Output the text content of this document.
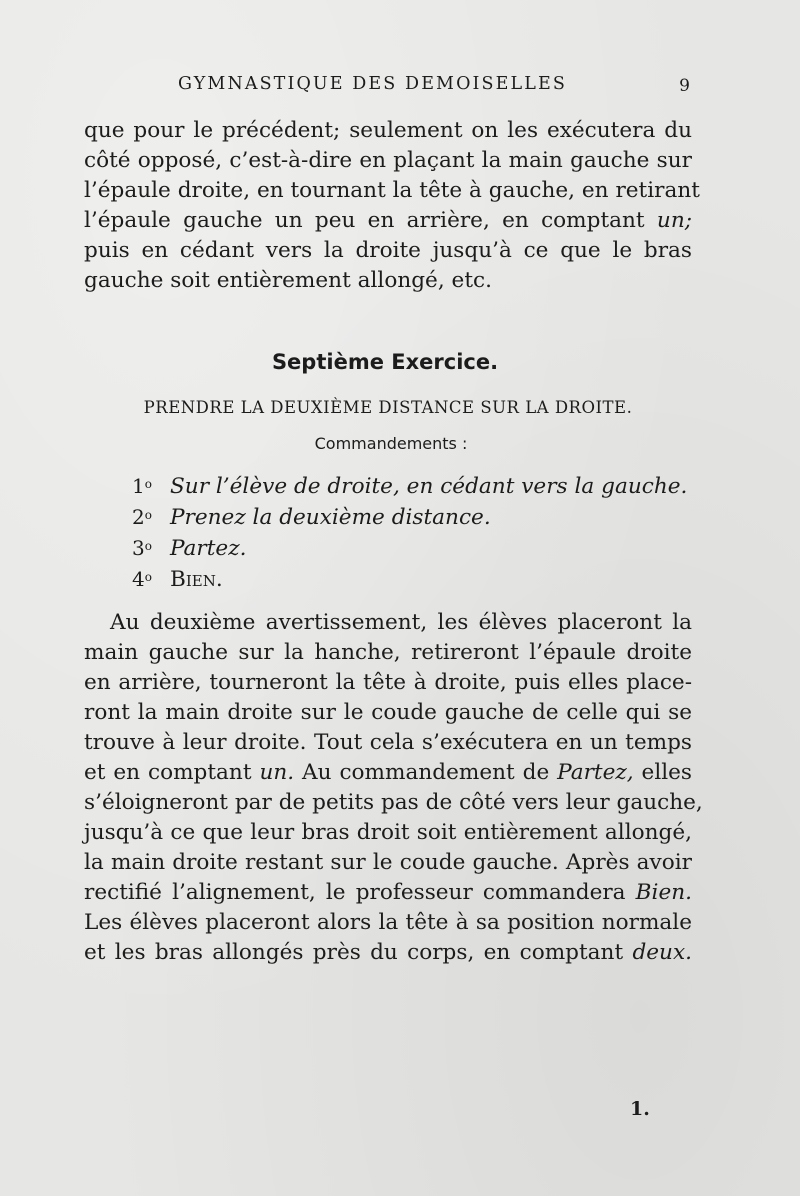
GYMNASTIQUE DES DEMOISELLES	9
que pour le précédent; seulement on les exécutera du
côté opposé, c’est-à-dire en plaçant la main gauche sur
l’épaule droite, en tournant la tête à gauche, en retirant
l’épaule gauche un peu en arrière, en comptant un;
puis en cédant vers la droite jusqu’à ce que le bras
gauche soit entièrement allongé, etc.
Septième Exercice.
PRENDRE LA DEUXIÈME DISTANCE SUR LA DROITE.
Commandements :
1$^o$ Sur l’élève de droite, en cédant vers la gauche.
2$^o$ Prenez la deuxième distance.
3$^o$ Partez.
4$^o$ Bien.
Au deuxième avertissement, les élèves placeront la
main gauche sur la hanche, retireront l’épaule droite
en arrière, tourneront la tête à droite, puis elles place-
ront la main droite sur le coude gauche de celle qui se
trouve à leur droite. Tout cela s’exécutera en un temps
et en comptant un. Au commandement de Partez, elles
s’éloigneront par de petits pas de côté vers leur gauche,
jusqu’à ce que leur bras droit soit entièrement allongé,
la main droite restant sur le coude gauche. Après avoir
rectifié l’alignement, le professeur commandera Bien.
Les élèves placeront alors la tête à sa position normale
et les bras allongés près du corps, en comptant deux.
1.
